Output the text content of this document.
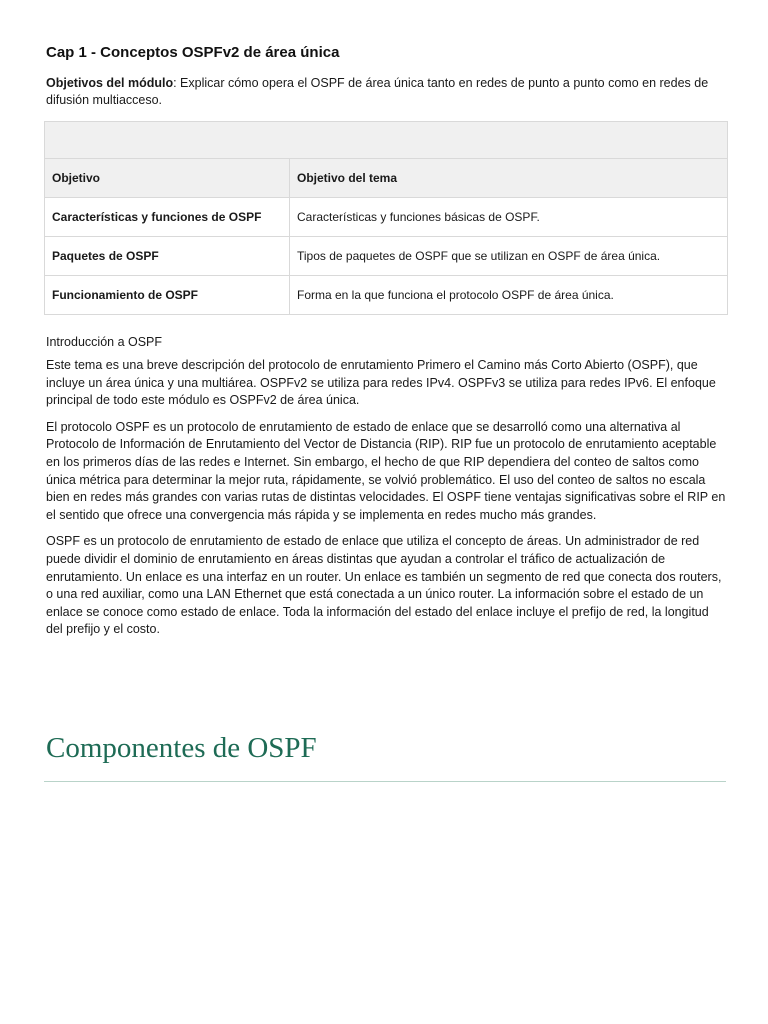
Cap 1 - Conceptos OSPFv2 de área única

Objetivos del módulo: Explicar cómo opera el OSPF de área única tanto en redes de punto a punto como en redes de difusión multiacceso.

Objetivo	Objetivo del tema
Características y funciones de OSPF	Características y funciones básicas de OSPF.
Paquetes de OSPF	Tipos de paquetes de OSPF que se utilizan en OSPF de área única.
Funcionamiento de OSPF	Forma en la que funciona el protocolo OSPF de área única.

Introducción a OSPF

Este tema es una breve descripción del protocolo de enrutamiento Primero el Camino más Corto Abierto (OSPF), que incluye un área única y una multiárea. OSPFv2 se utiliza para redes IPv4. OSPFv3 se utiliza para redes IPv6. El enfoque principal de todo este módulo es OSPFv2 de área única.

El protocolo OSPF es un protocolo de enrutamiento de estado de enlace que se desarrolló como una alternativa al Protocolo de Información de Enrutamiento del Vector de Distancia (RIP). RIP fue un protocolo de enrutamiento aceptable en los primeros días de las redes e Internet. Sin embargo, el hecho de que RIP dependiera del conteo de saltos como única métrica para determinar la mejor ruta, rápidamente, se volvió problemático. El uso del conteo de saltos no escala bien en redes más grandes con varias rutas de distintas velocidades. El OSPF tiene ventajas significativas sobre el RIP en el sentido que ofrece una convergencia más rápida y se implementa en redes mucho más grandes.

OSPF es un protocolo de enrutamiento de estado de enlace que utiliza el concepto de áreas. Un administrador de red puede dividir el dominio de enrutamiento en áreas distintas que ayudan a controlar el tráfico de actualización de enrutamiento. Un enlace es una interfaz en un router. Un enlace es también un segmento de red que conecta dos routers, o una red auxiliar, como una LAN Ethernet que está conectada a un único router. La información sobre el estado de un enlace se conoce como estado de enlace. Toda la información del estado del enlace incluye el prefijo de red, la longitud del prefijo y el costo.

Componentes de OSPF
